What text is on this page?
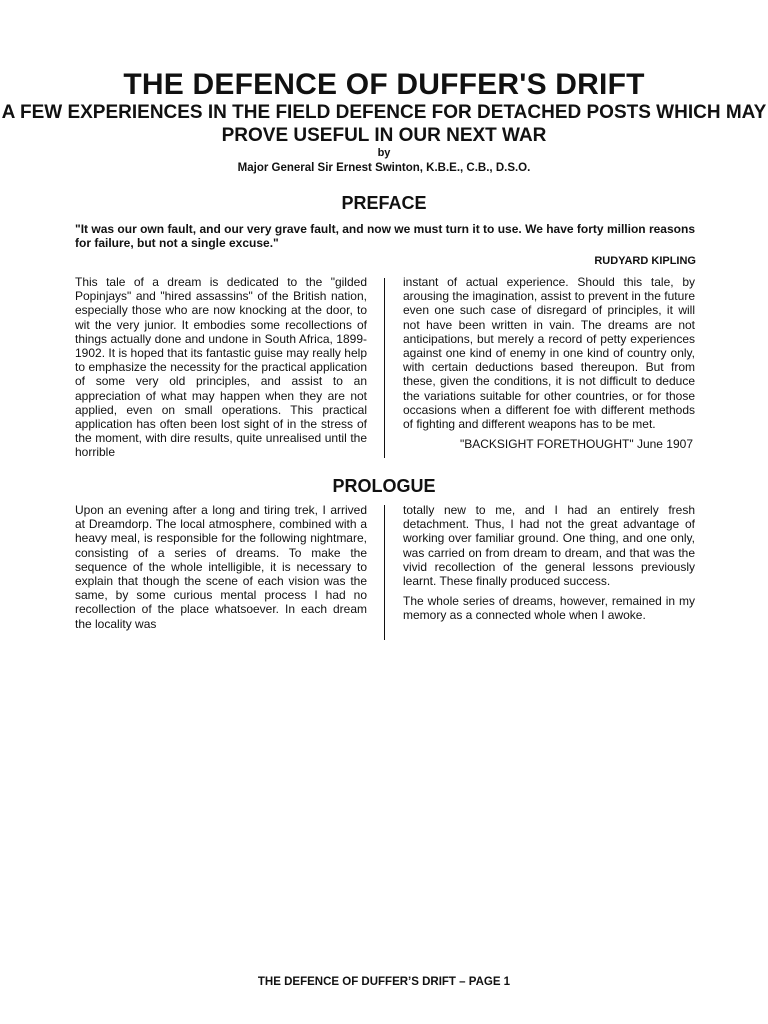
THE DEFENCE OF DUFFER'S DRIFT
A FEW EXPERIENCES IN THE FIELD DEFENCE FOR DETACHED POSTS WHICH MAY PROVE USEFUL IN OUR NEXT WAR
by
Major General Sir Ernest Swinton, K.B.E., C.B., D.S.O.
PREFACE
"It was our own fault, and our very grave fault, and now we must turn it to use. We have forty million reasons for failure, but not a single excuse."
RUDYARD KIPLING

This tale of a dream is dedicated to the "gilded Popinjays" and "hired assassins" of the British nation, especially those who are now knocking at the door, to wit the very junior. It embodies some recollections of things actually done and undone in South Africa, 1899-1902. It is hoped that its fantastic guise may really help to emphasize the necessity for the practical application of some very old principles, and assist to an appreciation of what may happen when they are not applied, even on small operations. This practical application has often been lost sight of in the stress of the moment, with dire results, quite unrealised until the horrible

instant of actual experience. Should this tale, by arousing the imagination, assist to prevent in the future even one such case of disregard of principles, it will not have been written in vain. The dreams are not anticipations, but merely a record of petty experiences against one kind of enemy in one kind of country only, with certain deductions based thereupon. But from these, given the conditions, it is not difficult to deduce the variations suitable for other countries, or for those occasions when a different foe with different methods of fighting and different weapons has to be met.

"BACKSIGHT FORETHOUGHT" June 1907
PROLOGUE

Upon an evening after a long and tiring trek, I arrived at Dreamdorp. The local atmosphere, combined with a heavy meal, is responsible for the following nightmare, consisting of a series of dreams. To make the sequence of the whole intelligible, it is necessary to explain that though the scene of each vision was the same, by some curious mental process I had no recollection of the place whatsoever. In each dream the locality was

totally new to me, and I had an entirely fresh detachment. Thus, I had not the great advantage of working over familiar ground. One thing, and one only, was carried on from dream to dream, and that was the vivid recollection of the general lessons previously learnt. These finally produced success.

The whole series of dreams, however, remained in my memory as a connected whole when I awoke.

THE DEFENCE OF DUFFER’S DRIFT – PAGE 1
